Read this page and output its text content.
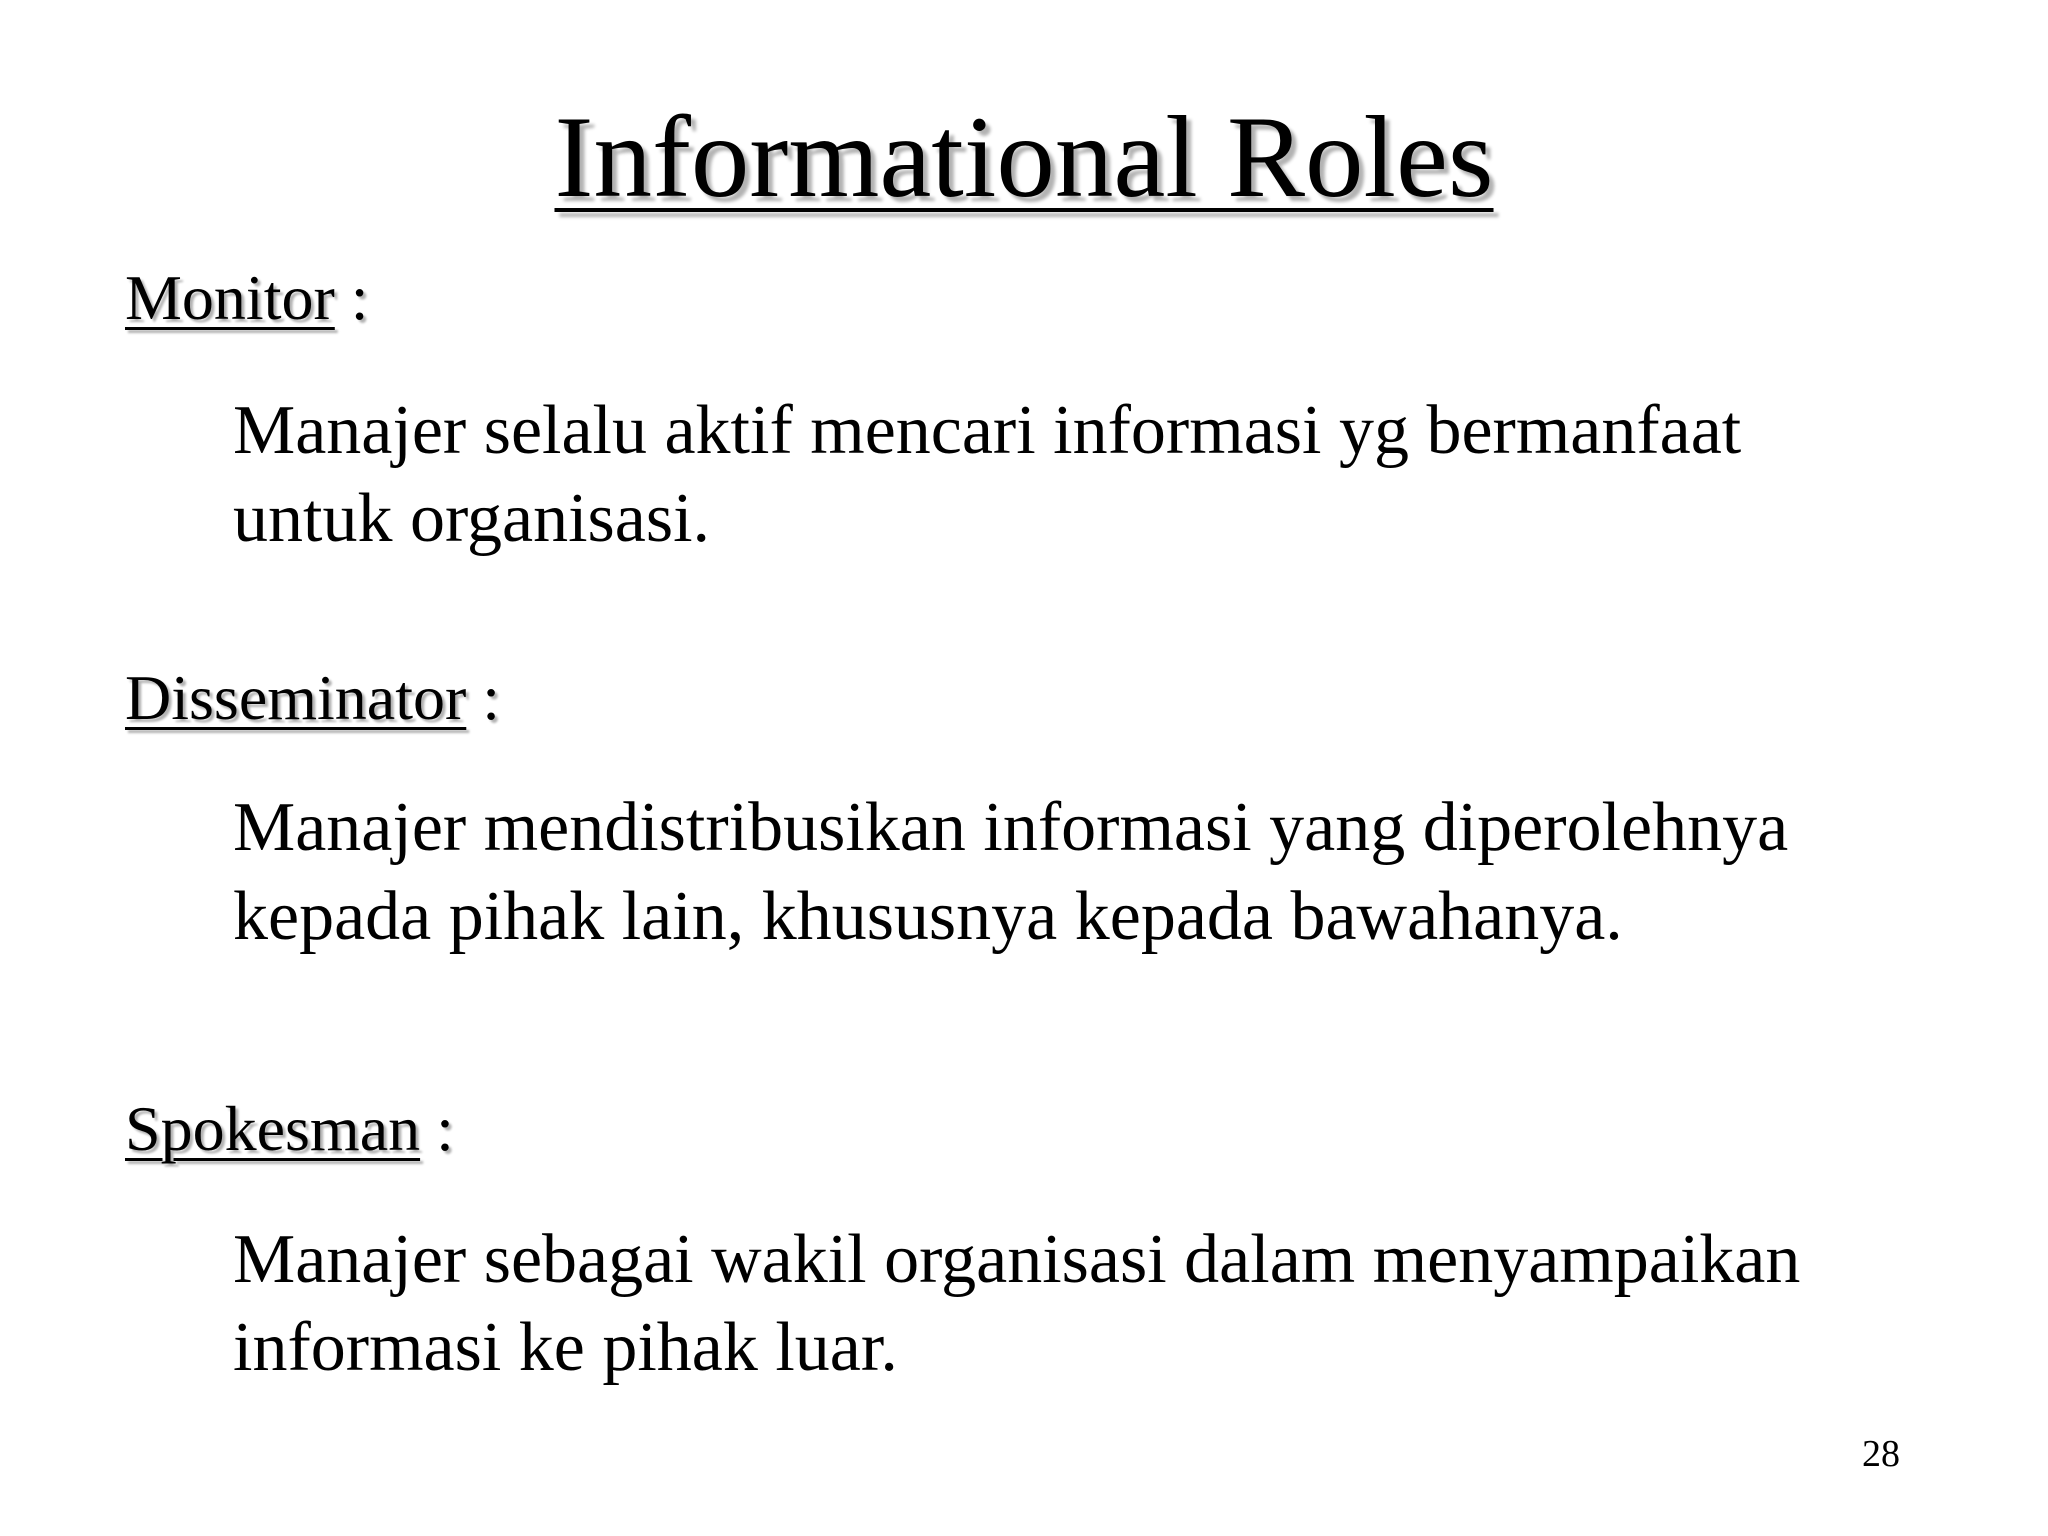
Informational Roles
Monitor :
Manajer selalu aktif mencari informasi yg bermanfaat
untuk organisasi.
Disseminator :
Manajer mendistribusikan informasi yang diperolehnya
kepada pihak lain, khususnya kepada bawahanya.
Spokesman :
Manajer sebagai wakil organisasi dalam menyampaikan
informasi ke pihak luar.
28
